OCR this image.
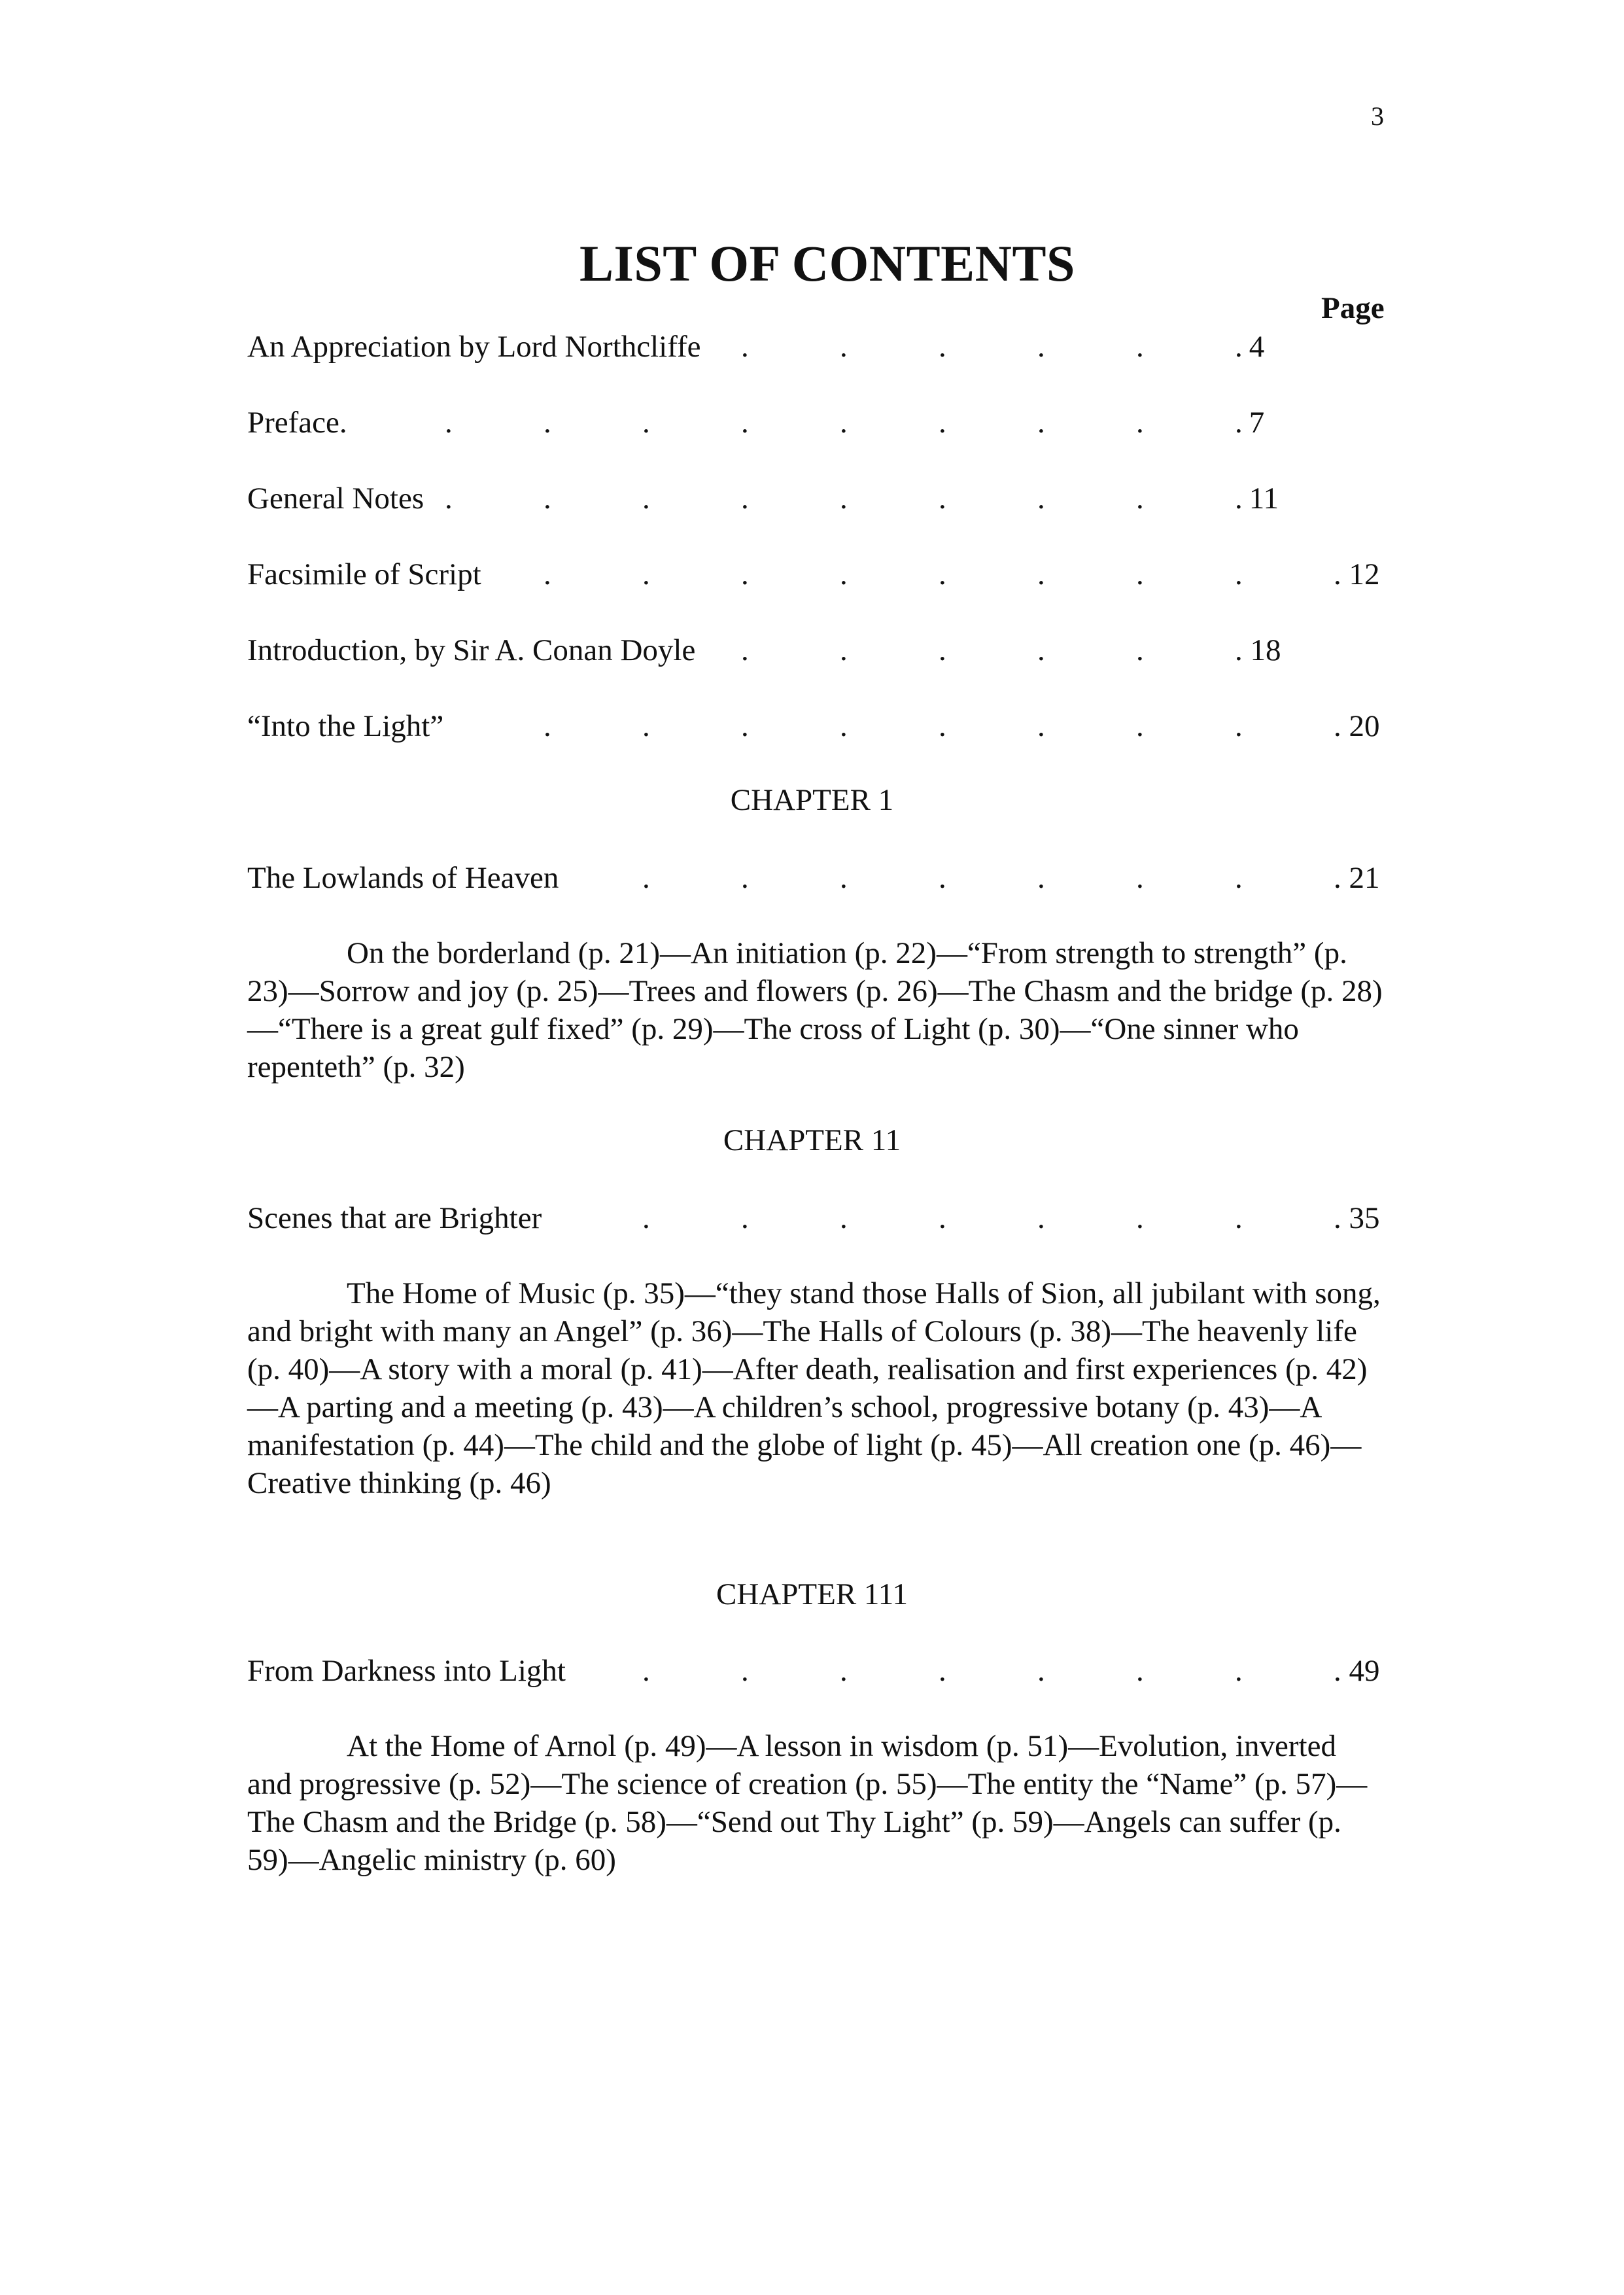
3
LIST OF CONTENTS
Page
An Appreciation by Lord Northcliffe .	.	.	.	.	. 4
Preface.	.	.	.	.	.	.	.	.	. 7
General Notes .	.	.	.	.	.	.	.	. 11
Facsimile of Script .	.	.	.	.	.	.	.	. 12
Introduction, by Sir A. Conan Doyle .	.	.	.	.	. 18
“Into the Light”	.	.	.	.	.	.	.	.	. 20
CHAPTER 1
The Lowlands of Heaven	.	.	.	.	.	.	.	. 21
On the borderland (p. 21)—An initiation (p. 22)—“From strength to strength” (p. 23)—Sorrow and joy (p. 25)—Trees and flowers (p. 26)—The Chasm and the bridge (p. 28)—“There is a great gulf fixed” (p. 29)—The cross of Light (p. 30)—“One sinner who repenteth” (p. 32)
CHAPTER 11
Scenes that are Brighter	.	.	.	.	.	.	.	. 35
The Home of Music (p. 35)—“they stand those Halls of Sion, all jubilant with song, and bright with many an Angel” (p. 36)—The Halls of Colours (p. 38)—The heavenly life (p. 40)—A story with a moral (p. 41)—After death, realisation and first experiences (p. 42)—A parting and a meeting (p. 43)—A children’s school, progressive botany (p. 43)—A manifestation (p. 44)—The child and the globe of light (p. 45)—All creation one (p. 46)—Creative thinking (p. 46)
CHAPTER 111
From Darkness into Light .	.	.	.	.	.	.	. 49
At the Home of Arnol (p. 49)—A lesson in wisdom (p. 51)—Evolution, inverted and progressive (p. 52)—The science of creation (p. 55)—The entity the “Name” (p. 57)—The Chasm and the Bridge (p. 58)—“Send out Thy Light” (p. 59)—Angels can suffer (p. 59)—Angelic ministry (p. 60)
